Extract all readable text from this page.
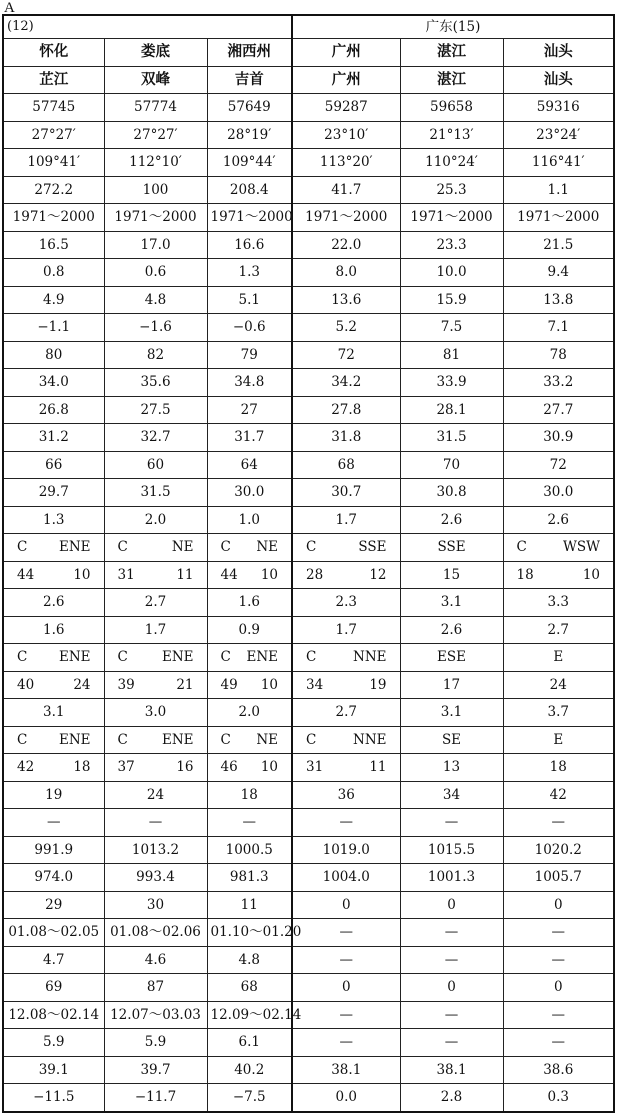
A
(12)			广东(15)		
怀化	娄底	湘西州	广州	湛江	汕头
芷江	双峰	吉首	广州	湛江	汕头
57745	57774	57649	59287	59658	59316
27°27′	27°27′	28°19′	23°10′	21°13′	23°24′
109°41′	112°10′	109°44′	113°20′	110°24′	116°41′
272.2	100	208.4	41.7	25.3	1.1
1971～2000	1971～2000	1971～2000	1971～2000	1971～2000	1971～2000
16.5	17.0	16.6	22.0	23.3	21.5
0.8	0.6	1.3	8.0	10.0	9.4
4.9	4.8	5.1	13.6	15.9	13.8
−1.1	−1.6	−0.6	5.2	7.5	7.1
80	82	79	72	81	78
34.0	35.6	34.8	34.2	33.9	33.2
26.8	27.5	27	27.8	28.1	27.7
31.2	32.7	31.7	31.8	31.5	30.9
66	60	64	68	70	72
29.7	31.5	30.0	30.7	30.8	30.0
1.3	2.0	1.0	1.7	2.6	2.6

C ENE	C NE	C NE	C SSE	SSE	C WSW

44 10	31 11	44 10	28 12	15	18 10

2.6	2.7	1.6	2.3	3.1	3.3
1.6	1.7	0.9	1.7	2.6	2.7

C ENE	C ENE	C ENE	C NNE	ESE	E

40 24	39 21	49 10	34 19	17	24

3.1	3.0	2.0	2.7	3.1	3.7

C ENE	C ENE	C NE	C NNE	SE	E

42 18	37 16	46 10	31 11	13	18

19	24	18	36	34	42
—	—	—	—	—	—
991.9	1013.2	1000.5	1019.0	1015.5	1020.2
974.0	993.4	981.3	1004.0	1001.3	1005.7
29	30	11	0	0	0
01.08～02.05	01.08～02.06	01.10～01.20	—	—	—
4.7	4.6	4.8	—	—	—
69	87	68	0	0	0
12.08～02.14	12.07～03.03	12.09～02.14	—	—	—
5.9	5.9	6.1	—	—	—
39.1	39.7	40.2	38.1	38.1	38.6
−11.5	−11.7	−7.5	0.0	2.8	0.3
